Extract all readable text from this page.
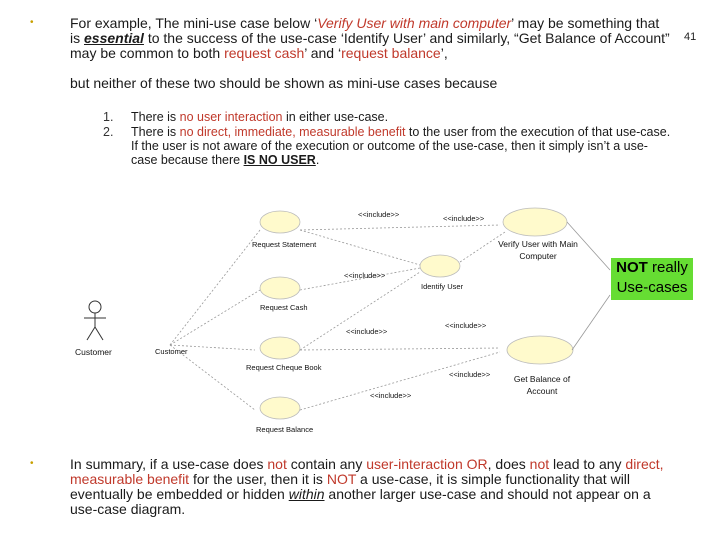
41
•	For example, The mini-use case below ‘Verify User with main computer’ may be something that is essential to the success of the use-case ‘Identify User’ and similarly, “Get Balance of Account” may be common to both request cash’ and ‘request balance’,
but neither of these two should be shown as mini-use cases because
1. There is no user interaction in either use-case.
2. There is no direct, immediate, measurable benefit to the user from the execution of that use-case. If the user is not aware of the execution or outcome of the use-case, then it simply isn’t a use-case because there IS NO USER.
Customer	Customer
Request Statement
Request Cash
Request Cheque Book
Request Balance
Identify User
Verify User with Main Computer
Get Balance of Account
<<include>>	<<include>>
<<include>>
<<include>>
<<include>>
<<include>>
<<include>>
NOT really
Use-cases
•	In summary, if a use-case does not contain any user-interaction OR, does not lead to any direct, measurable benefit for the user, then it is NOT a use-case, it is simple functionality that will eventually be embedded or hidden within another larger use-case and should not appear on a use-case diagram.
